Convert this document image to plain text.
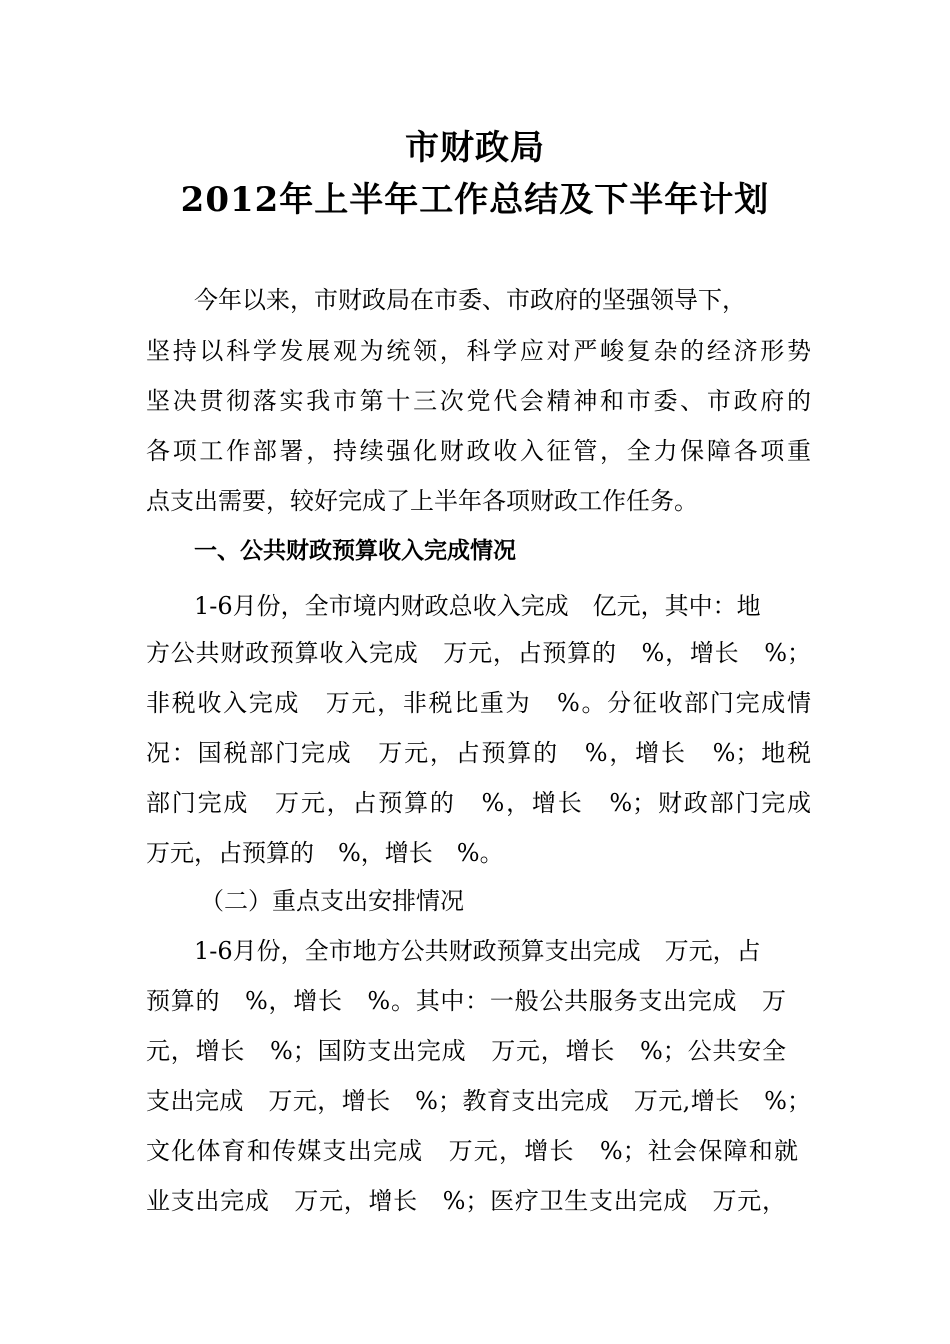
市财政局
2012年上半年工作总结及下半年计划
今年以来，市财政局在市委、市政府的坚强领导下，
坚持以科学发展观为统领，科学应对严峻复杂的经济形势
坚决贯彻落实我市第十三次党代会精神和市委、市政府的
各项工作部署，持续强化财政收入征管，全力保障各项重
点支出需要，较好完成了上半年各项财政工作任务。
一、公共财政预算收入完成情况
1-6月份，全市境内财政总收入完成　亿元，其中：地
方公共财政预算收入完成　万元，占预算的　%，增长　%；
非税收入完成　万元，非税比重为　%。分征收部门完成情
况：国税部门完成　万元，占预算的　%，增长　%；地税
部门完成　万元，占预算的　%，增长　%；财政部门完成
万元，占预算的　%，增长　%。
（二）重点支出安排情况
1-6月份，全市地方公共财政预算支出完成　万元，占
预算的　%，增长　%。其中：一般公共服务支出完成　万
元，增长　%；国防支出完成　万元，增长　%；公共安全
支出完成　万元，增长　%；教育支出完成　万元,增长　%；
文化体育和传媒支出完成　万元，增长　%；社会保障和就
业支出完成　万元，增长　%；医疗卫生支出完成　万元，
